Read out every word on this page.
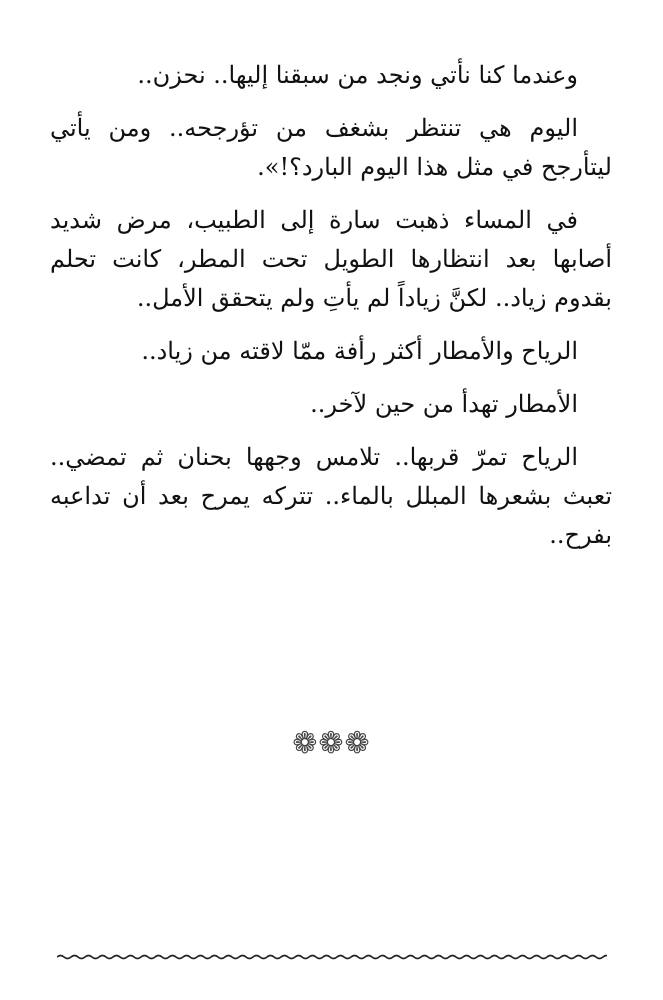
وعندما كنا نأتي ونجد من سبقنا إليها.. نحزن..

اليوم هي تنتظر بشغف من تؤرجحه.. ومن يأتي ليتأرجح في مثل هذا اليوم البارد؟!».

في المساء ذهبت سارة إلى الطبيب، مرض شديد أصابها بعد انتظارها الطويل تحت المطر، كانت تحلم بقدوم زياد.. لكنَّ زياداً لم يأتِ ولم يتحقق الأمل..

الرياح والأمطار أكثر رأفة ممّا لاقته من زياد..

الأمطار تهدأ من حين لآخر..

الرياح تمرّ قربها.. تلامس وجهها بحنان ثم تمضي.. تعبث بشعرها المبلل بالماء.. تتركه يمرح بعد أن تداعبه بفرح..

❁❁❁
